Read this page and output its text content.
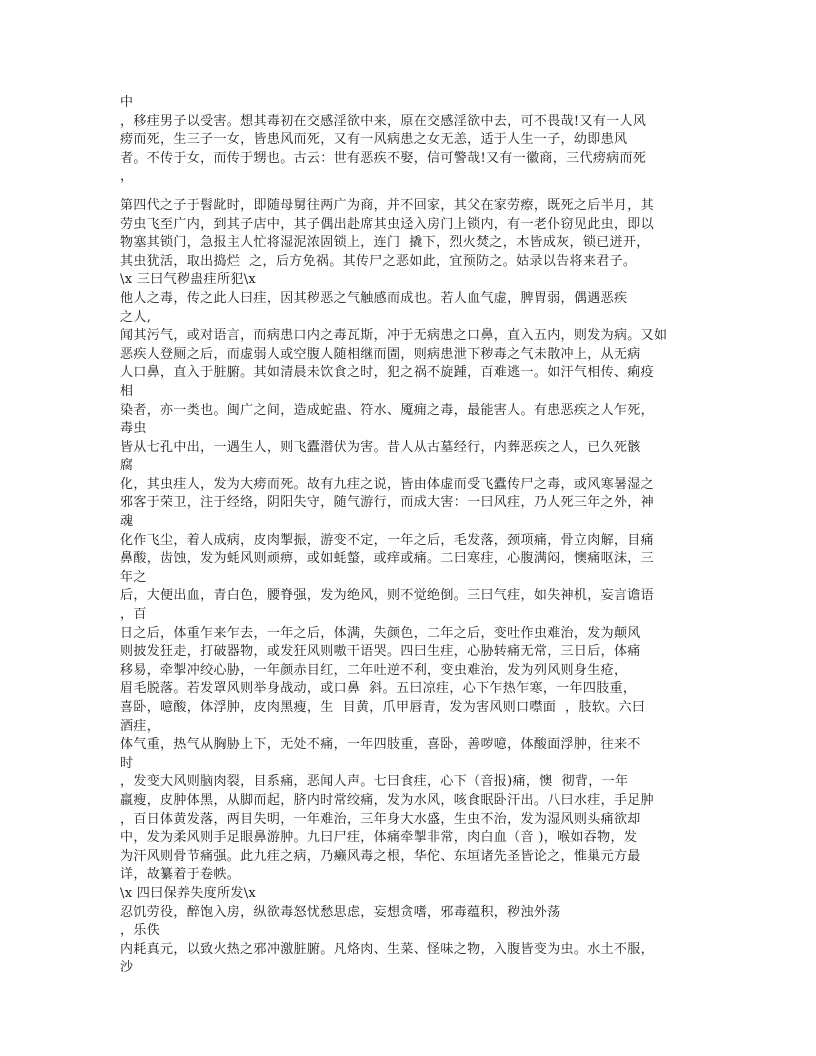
中
，移疰男子以受害。想其毒初在交感淫欲中来，原在交感淫欲中去，可不畏哉!又有一人风
痨而死，生三子一女，皆患风而死，又有一风病患之女无恙，适于人生一子，幼即患风
者。不传于女，而传于甥也。古云：世有恶疾不娶，信可警哉!又有一徽商，三代痨病而死
，
第四代之子于髫龀时，即随母舅往两广为商，并不回家，其父在家劳瘵，既死之后半月，其
劳虫飞至广内，到其子店中，其子偶出赴席其虫迳入房门上锁内，有一老仆窃见此虫，即以
物塞其锁门，急报主人忙将湿泥浓固锁上，连门  撬下，烈火焚之，木皆成灰，锁已迸开，
其虫犹活，取出捣烂  之，后方免祸。其传尸之恶如此，宜预防之。姑录以告将来君子。
\x 三曰气秽蛊疰所犯\x
他人之毒，传之此人曰疰，因其秽恶之气触感而成也。若人血气虚，脾胃弱，偶遇恶疾
之人,
闻其污气，或对语言，而病患口内之毒瓦斯，冲于无病患之口鼻，直入五内，则发为病。又如
恶疾人登厕之后，而虚弱人或空腹人随相继而圊，则病患泄下秽毒之气未散冲上，从无病
人口鼻，直入于脏腑。其如清晨未饮食之时，犯之祸不旋踵，百难逃一。如汗气相传、痢疫
相
染者，亦一类也。闽广之间，造成蛇蛊、符水、魇痈之毒，最能害人。有患恶疾之人乍死，
毒虫
皆从七孔中出，一遇生人，则飞蠹潜伏为害。昔人从古墓经行，内葬恶疾之人，已久死骸
腐
化，其虫疰人，发为大痨而死。故有九疰之说，皆由体虚而受飞蠹传尸之毒，或风寒暑湿之
邪客于荣卫，注于经络，阴阳失守，随气游行，而成大害：一曰风疰，乃人死三年之外，神
魂
化作飞尘，着人成病，皮肉掣振，游变不定，一年之后，毛发落，颈项痛，骨立肉解，目痛
鼻酸，齿蚀，发为蚝风则顽痹，或如蚝螫，或痒或痛。二曰寒疰，心腹满闷，懊痛呕沫，三
年之
后，大便出血，青白色，腰脊强，发为绝风，则不觉绝倒。三曰气疰，如失神机，妄言谵语
，百
日之后，体重乍来乍去，一年之后，体满，失颜色，二年之后，变吐作虫难治，发为颠风
则披发狂走，打破器物，或发狂风则嗷干语哭。四曰生疰，心胁转痛无常，三日后，体痛
移易，牵掣冲绞心胁，一年颜赤目红，二年吐逆不利，变虫难治，发为列风则身生疮，
眉毛脱落。若发罩风则举身战动，或口鼻  斜。五曰凉疰，心下乍热乍寒，一年四肢重，
喜卧，噫酸，体浮肿，皮肉黑瘦，生  目黄，爪甲唇青，发为害风则口噤面  ，肢软。六曰
酒疰，
体气重，热气从胸胁上下，无处不痛，一年四肢重，喜卧，善哕噫，体酸面浮肿，往来不
时
，发变大风则脑肉裂，目系痛，恶闻人声。七曰食疰，心下（音报)痛，懊  彻背，一年
羸瘦，皮肿体黑，从脚而起，脐内时常绞痛，发为水风，咳食眠卧汗出。八曰水疰，手足肿
，百日体黄发落，两目失明，一年难治，三年身大水盛，生虫不治，发为湿风则头痛欲却
中，发为柔风则手足眼鼻游肿。九曰尸疰，体痛牵掣非常，肉白血（音 )，喉如吞物，发
为汗风则骨节痛强。此九疰之病，乃癞风毒之根，华佗、东垣诸先圣皆论之，惟巢元方最
详，故纂着于卷帙。
\x 四曰保养失度所发\x
忍饥劳役，醉饱入房，纵欲毒怒忧愁思虑，妄想贪嗜，邪毒蕴积，秽浊外荡
，乐佚
内耗真元，以致火热之邪冲激脏腑。凡烙肉、生菜、怪味之物，入腹皆变为虫。水土不服，
沙
